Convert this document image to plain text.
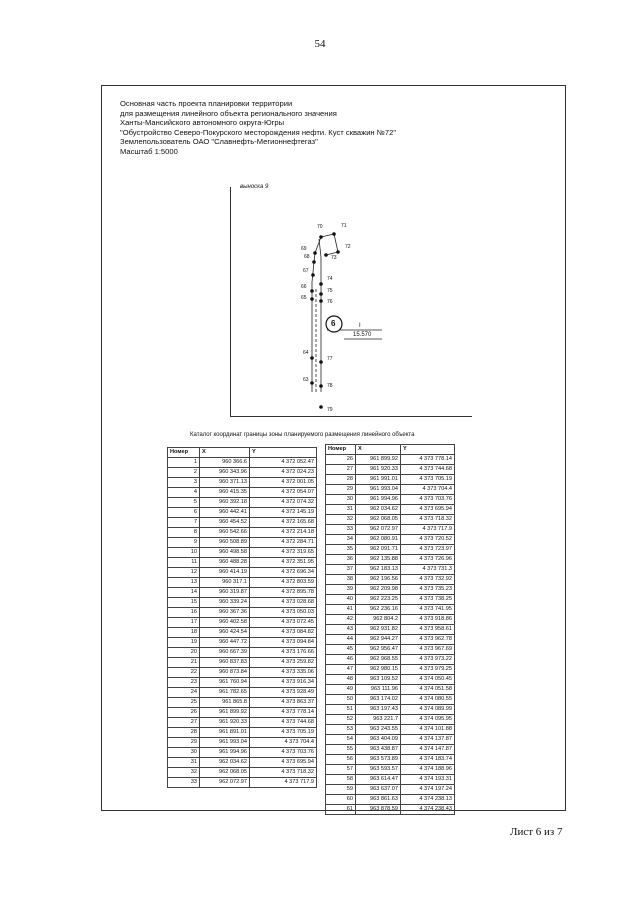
54
Основная часть проекта планировки территории
для размещения линейного объекта регионального значения
Ханты-Мансийского автономного округа-Югры
"Обустройство Северо-Покурского месторождения нефти. Куст скважин №72"
Землепользователь ОАО "Славнефть-Мегионнефтегаз"
Масштаб 1:5000
выноска 9
70	71
69
68
72
73
67
74
66
75
65
76
64
77
63
78
79
6	I
15.570
Каталог координат границы зоны планируемого размещения линейного объекта
Номер	X	Y
1	960 366.6	4 372 052.47
2	960 343.96	4 372 024.23
3	960 371.13	4 372 001.05
4	960 415.35	4 372 054.07
5	960 392.18	4 372 074.32
6	960 442.41	4 372 145.19
7	960 454.52	4 372 165.68
8	960 542.66	4 372 214.18
9	960 508.89	4 372 284.71
10	960 498.58	4 372 319.65
11	960 488.28	4 372 351.95
12	960 414.19	4 372 696.34
13	960 317.1	4 372 803.59
14	960 319.87	4 372 895.78
15	960 339.24	4 373 028.68
16	960 367.36	4 373 050.03
17	960 402.58	4 373 072.45
18	960 424.54	4 373 084.82
19	960 447.72	4 373 094.84
20	960 667.39	4 373 176.66
21	960 837.83	4 373 259.82
22	960 873.84	4 373 335.06
23	961 760.94	4 373 916.34
24	961 782.65	4 373 928.49
25	961 865.8	4 373 863.37
26	961 899.92	4 373 778.14
27	961 920.33	4 373 744.68
28	961 891.01	4 373 705.19
29	961 993.04	4 373 704.4
30	961 994.96	4 373 703.76
31	962 034.62	4 373 695.94
32	962 068.05	4 373 718.32
33	962 072.97	4 373 717.9
Номер	X	Y
26	961 899.92	4 373 778.14
27	961 920.33	4 373 744.68
28	961 991.01	4 373 705.19
29	961 993.04	4 373 704.4
30	961 994.96	4 373 703.76
31	962 034.62	4 373 695.94
32	962 068.05	4 373 718.32
33	962 072.97	4 373 717.9
34	962 080.91	4 373 720.52
35	962 091.71	4 373 723.97
36	962 135.88	4 373 726.96
37	962 183.13	4 373 731.3
38	962 196.56	4 373 732.92
39	962 209.98	4 373 735.23
40	962 223.25	4 373 738.25
41	962 236.16	4 373 741.95
42	962 804.2	4 373 918.86
43	962 931.82	4 373 958.61
44	962 944.27	4 373 962.78
45	962 956.47	4 373 967.69
46	962 968.55	4 373 973.22
47	962 980.15	4 373 979.25
48	963 109.52	4 374 050.45
49	963 111.96	4 374 051.58
50	963 174.02	4 374 080.55
51	963 197.43	4 374 089.99
52	963 221.7	4 374 095.95
53	963 243.55	4 374 101.88
54	963 404.09	4 374 137.87
55	963 438.87	4 374 147.87
56	963 573.89	4 374 183.74
57	963 593.57	4 374 188.96
58	963 614.47	4 374 193.31
59	963 637.07	4 374 197.24
60	963 861.63	4 374 238.13
61	963 878.59	4 374 238.43
Лист 6 из 7
